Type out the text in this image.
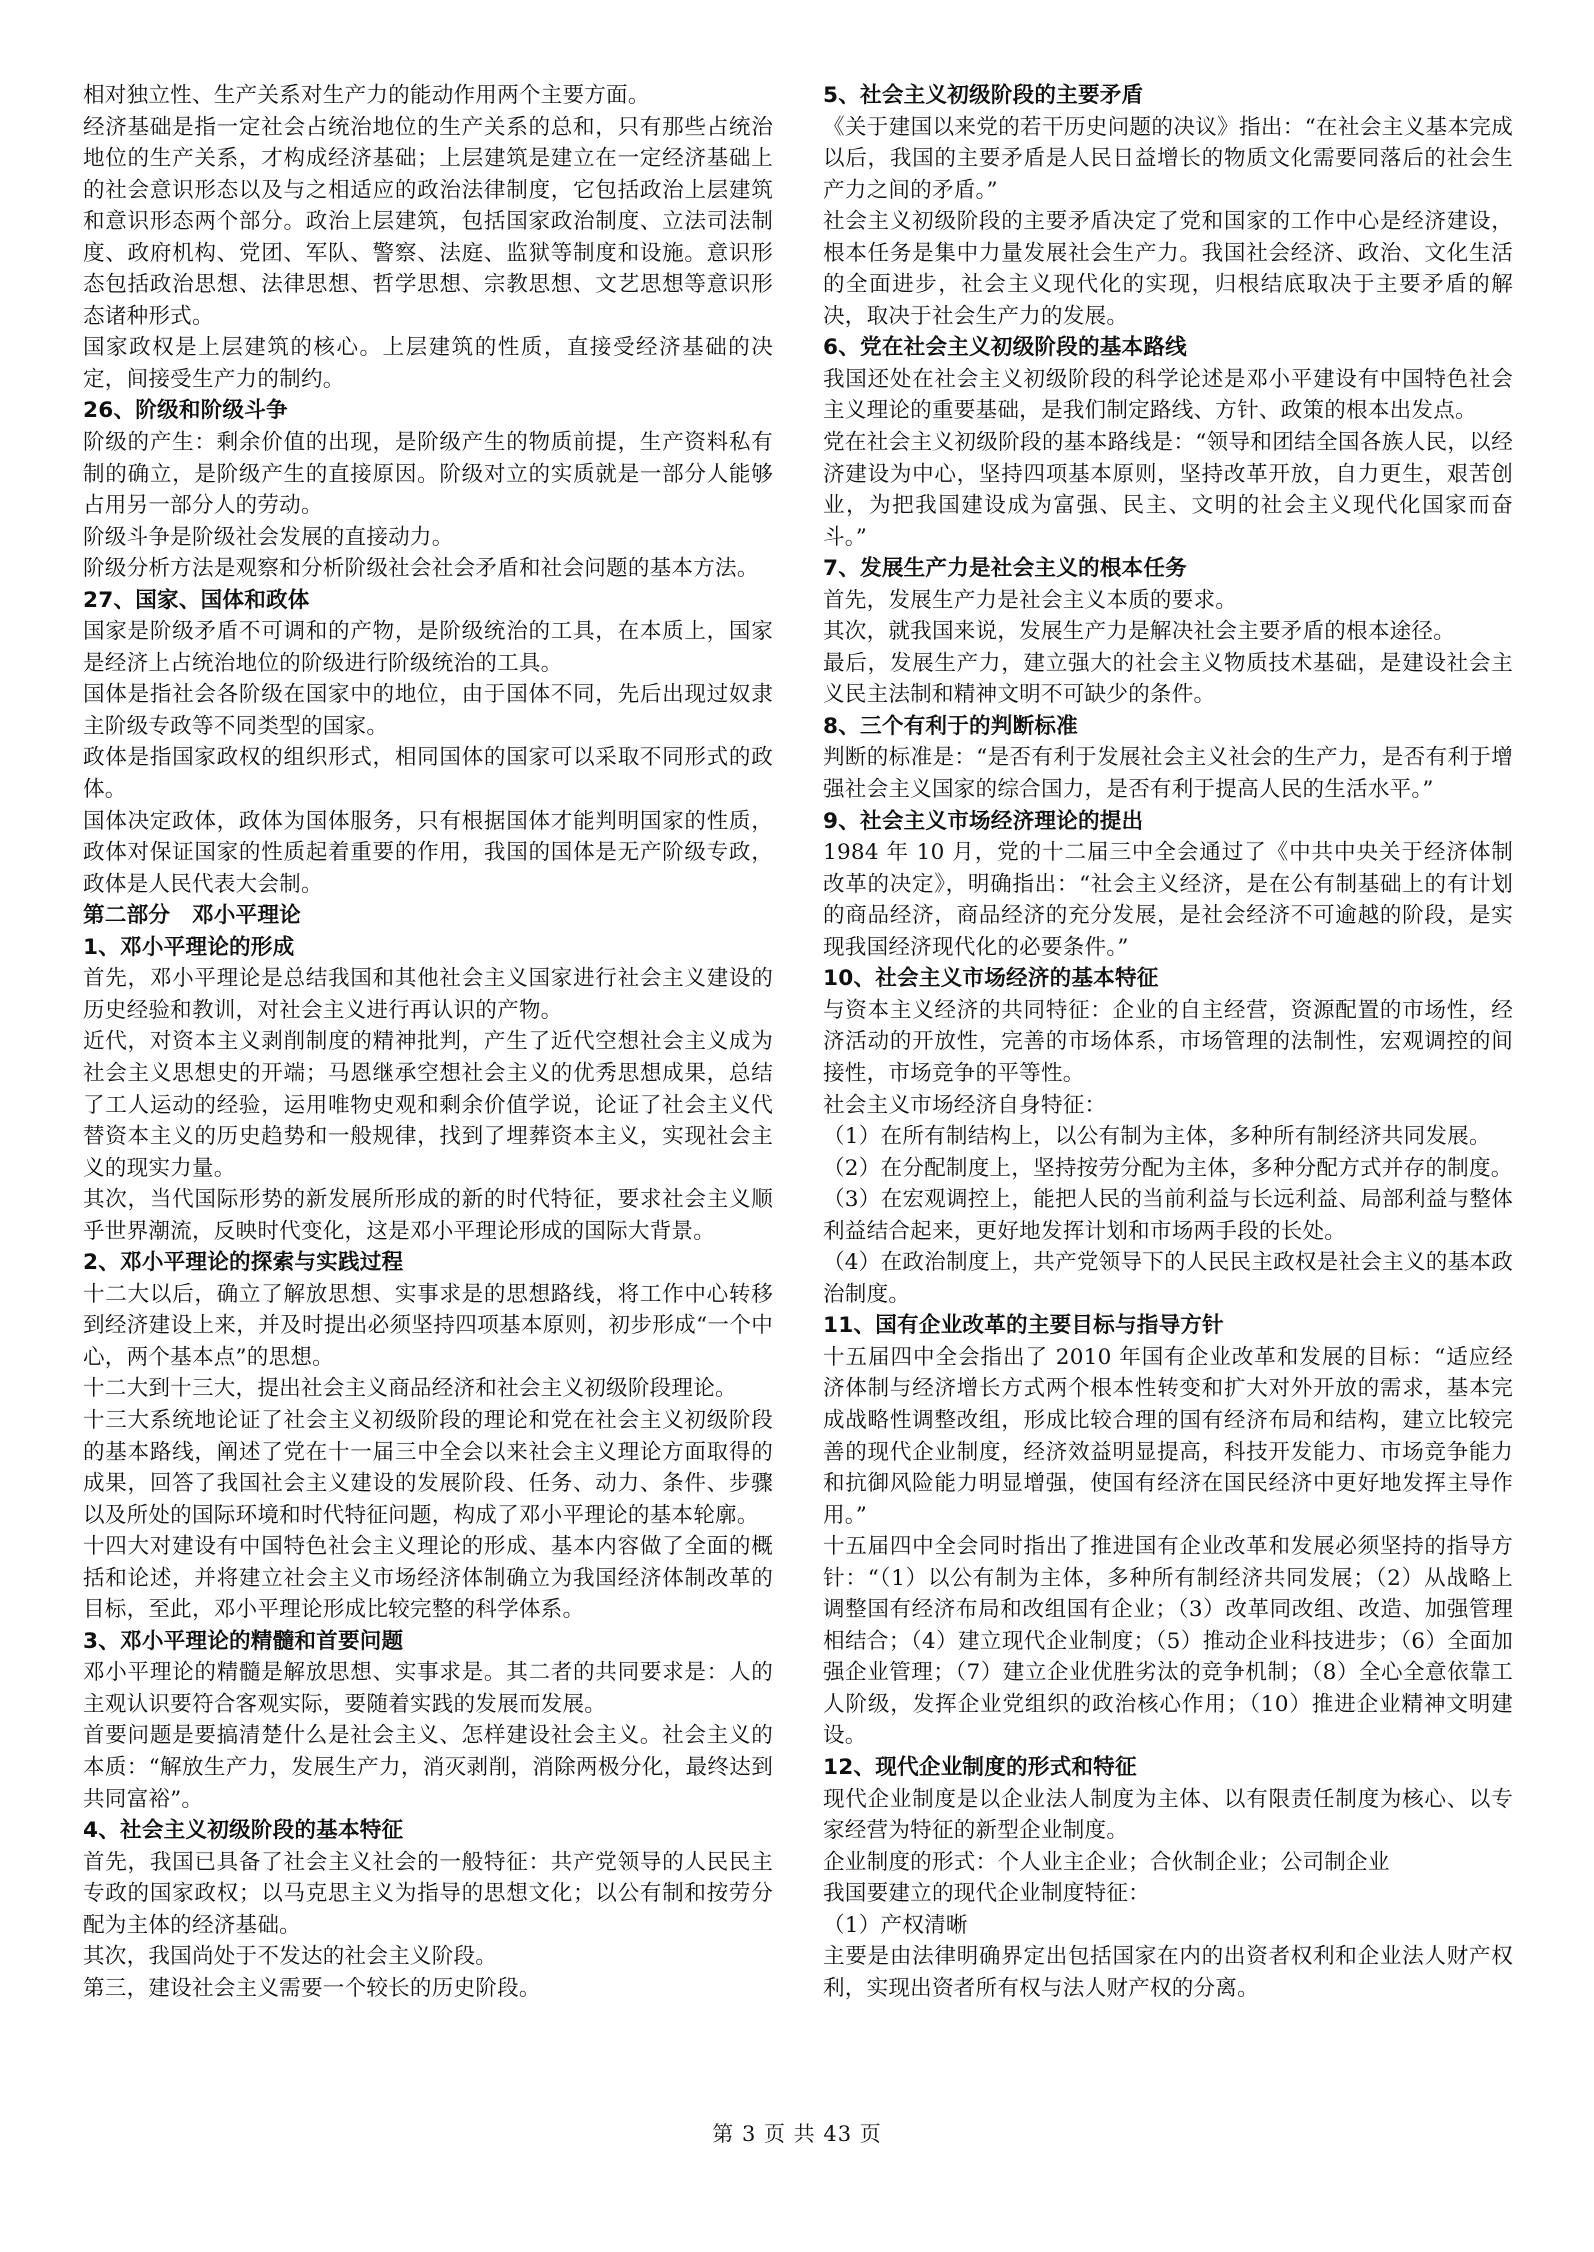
相对独立性、生产关系对生产力的能动作用两个主要方面。
经济基础是指一定社会占统治地位的生产关系的总和，只有那些占统治地位的生产关系，才构成经济基础；上层建筑是建立在一定经济基础上的社会意识形态以及与之相适应的政治法律制度，它包括政治上层建筑和意识形态两个部分。政治上层建筑，包括国家政治制度、立法司法制度、政府机构、党团、军队、警察、法庭、监狱等制度和设施。意识形态包括政治思想、法律思想、哲学思想、宗教思想、文艺思想等意识形态诸种形式。
国家政权是上层建筑的核心。上层建筑的性质，直接受经济基础的决定，间接受生产力的制约。
26、阶级和阶级斗争
阶级的产生：剩余价值的出现，是阶级产生的物质前提，生产资料私有制的确立，是阶级产生的直接原因。阶级对立的实质就是一部分人能够占用另一部分人的劳动。
阶级斗争是阶级社会发展的直接动力。
阶级分析方法是观察和分析阶级社会社会矛盾和社会问题的基本方法。
27、国家、国体和政体
国家是阶级矛盾不可调和的产物，是阶级统治的工具，在本质上，国家是经济上占统治地位的阶级进行阶级统治的工具。
国体是指社会各阶级在国家中的地位，由于国体不同，先后出现过奴隶主阶级专政等不同类型的国家。
政体是指国家政权的组织形式，相同国体的国家可以采取不同形式的政体。
国体决定政体，政体为国体服务，只有根据国体才能判明国家的性质，政体对保证国家的性质起着重要的作用，我国的国体是无产阶级专政，政体是人民代表大会制。
第二部分　邓小平理论
1、邓小平理论的形成
首先，邓小平理论是总结我国和其他社会主义国家进行社会主义建设的历史经验和教训，对社会主义进行再认识的产物。
近代，对资本主义剥削制度的精神批判，产生了近代空想社会主义成为社会主义思想史的开端；马恩继承空想社会主义的优秀思想成果，总结了工人运动的经验，运用唯物史观和剩余价值学说，论证了社会主义代替资本主义的历史趋势和一般规律，找到了埋葬资本主义，实现社会主义的现实力量。
其次，当代国际形势的新发展所形成的新的时代特征，要求社会主义顺乎世界潮流，反映时代变化，这是邓小平理论形成的国际大背景。
2、邓小平理论的探索与实践过程
十二大以后，确立了解放思想、实事求是的思想路线，将工作中心转移到经济建设上来，并及时提出必须坚持四项基本原则，初步形成“一个中心，两个基本点”的思想。
十二大到十三大，提出社会主义商品经济和社会主义初级阶段理论。
十三大系统地论证了社会主义初级阶段的理论和党在社会主义初级阶段的基本路线，阐述了党在十一届三中全会以来社会主义理论方面取得的成果，回答了我国社会主义建设的发展阶段、任务、动力、条件、步骤以及所处的国际环境和时代特征问题，构成了邓小平理论的基本轮廓。
十四大对建设有中国特色社会主义理论的形成、基本内容做了全面的概括和论述，并将建立社会主义市场经济体制确立为我国经济体制改革的目标，至此，邓小平理论形成比较完整的科学体系。
3、邓小平理论的精髓和首要问题
邓小平理论的精髓是解放思想、实事求是。其二者的共同要求是：人的主观认识要符合客观实际，要随着实践的发展而发展。
首要问题是要搞清楚什么是社会主义、怎样建设社会主义。社会主义的本质：“解放生产力，发展生产力，消灭剥削，消除两极分化，最终达到共同富裕”。
4、社会主义初级阶段的基本特征
首先，我国已具备了社会主义社会的一般特征：共产党领导的人民民主专政的国家政权；以马克思主义为指导的思想文化；以公有制和按劳分配为主体的经济基础。
其次，我国尚处于不发达的社会主义阶段。
第三，建设社会主义需要一个较长的历史阶段。
5、社会主义初级阶段的主要矛盾
《关于建国以来党的若干历史问题的决议》指出：“在社会主义基本完成以后，我国的主要矛盾是人民日益增长的物质文化需要同落后的社会生产力之间的矛盾。”
社会主义初级阶段的主要矛盾决定了党和国家的工作中心是经济建设，根本任务是集中力量发展社会生产力。我国社会经济、政治、文化生活的全面进步，社会主义现代化的实现，归根结底取决于主要矛盾的解决，取决于社会生产力的发展。
6、党在社会主义初级阶段的基本路线
我国还处在社会主义初级阶段的科学论述是邓小平建设有中国特色社会主义理论的重要基础，是我们制定路线、方针、政策的根本出发点。
党在社会主义初级阶段的基本路线是：“领导和团结全国各族人民，以经济建设为中心，坚持四项基本原则，坚持改革开放，自力更生，艰苦创业，为把我国建设成为富强、民主、文明的社会主义现代化国家而奋斗。”
7、发展生产力是社会主义的根本任务
首先，发展生产力是社会主义本质的要求。
其次，就我国来说，发展生产力是解决社会主要矛盾的根本途径。
最后，发展生产力，建立强大的社会主义物质技术基础，是建设社会主义民主法制和精神文明不可缺少的条件。
8、三个有利于的判断标准
判断的标准是：“是否有利于发展社会主义社会的生产力，是否有利于增强社会主义国家的综合国力，是否有利于提高人民的生活水平。”
9、社会主义市场经济理论的提出
1984 年 10 月，党的十二届三中全会通过了《中共中央关于经济体制改革的决定》，明确指出：“社会主义经济，是在公有制基础上的有计划的商品经济，商品经济的充分发展，是社会经济不可逾越的阶段，是实现我国经济现代化的必要条件。”
10、社会主义市场经济的基本特征
与资本主义经济的共同特征：企业的自主经营，资源配置的市场性，经济活动的开放性，完善的市场体系，市场管理的法制性，宏观调控的间接性，市场竞争的平等性。
社会主义市场经济自身特征：
（1）在所有制结构上，以公有制为主体，多种所有制经济共同发展。
（2）在分配制度上，坚持按劳分配为主体，多种分配方式并存的制度。
（3）在宏观调控上，能把人民的当前利益与长远利益、局部利益与整体利益结合起来，更好地发挥计划和市场两手段的长处。
（4）在政治制度上，共产党领导下的人民民主政权是社会主义的基本政治制度。
11、国有企业改革的主要目标与指导方针
十五届四中全会指出了 2010 年国有企业改革和发展的目标：“适应经济体制与经济增长方式两个根本性转变和扩大对外开放的需求，基本完成战略性调整改组，形成比较合理的国有经济布局和结构，建立比较完善的现代企业制度，经济效益明显提高，科技开发能力、市场竞争能力和抗御风险能力明显增强，使国有经济在国民经济中更好地发挥主导作用。”
十五届四中全会同时指出了推进国有企业改革和发展必须坚持的指导方针：“（1）以公有制为主体，多种所有制经济共同发展；（2）从战略上调整国有经济布局和改组国有企业；（3）改革同改组、改造、加强管理相结合；（4）建立现代企业制度；（5）推动企业科技进步；（6）全面加强企业管理；（7）建立企业优胜劣汰的竞争机制；（8）全心全意依靠工人阶级，发挥企业党组织的政治核心作用；（10）推进企业精神文明建设。
12、现代企业制度的形式和特征
现代企业制度是以企业法人制度为主体、以有限责任制度为核心、以专家经营为特征的新型企业制度。
企业制度的形式：个人业主企业；合伙制企业；公司制企业
我国要建立的现代企业制度特征：
（1）产权清晰
主要是由法律明确界定出包括国家在内的出资者权利和企业法人财产权利，实现出资者所有权与法人财产权的分离。
第 3 页 共 43 页
